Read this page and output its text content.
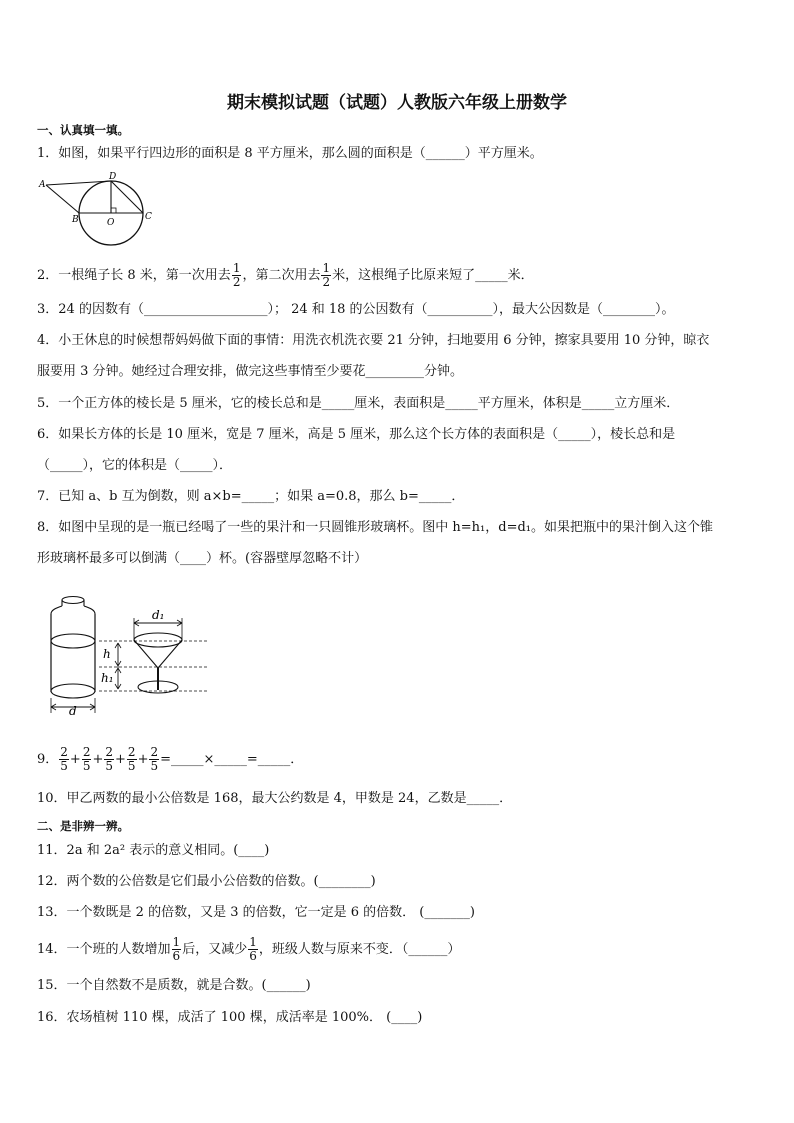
期末模拟试题（试题）人教版六年级上册数学
一、认真填一填。
1．如图，如果平行四边形的面积是 8 平方厘米，那么圆的面积是（______）平方厘米。
A
B	C
D
O
2．一根绳子长 8 米，第一次用去 $\frac{1}{2}$ ，第二次用去 $\frac{1}{2}$ 米，这根绳子比原来短了_____米．
3．24 的因数有（___________________）； 24 和 18 的公因数有（__________），最大公因数是（________）。
4．小王休息的时候想帮妈妈做下面的事情：用洗衣机洗衣要 21 分钟，扫地要用 6 分钟，擦家具要用 10 分钟，晾衣
服要用 3 分钟。她经过合理安排，做完这些事情至少要花_________分钟。
5．一个正方体的棱长是 5 厘米，它的棱长总和是_____厘米，表面积是_____平方厘米，体积是_____立方厘米．
6．如果长方体的长是 10 厘米，宽是 7 厘米，高是 5 厘米，那么这个长方体的表面积是（_____），棱长总和是
（_____），它的体积是（_____）．
7．已知 a、b 互为倒数，则 a×b=_____；如果 a=0.8，那么 b=_____．
8．如图中呈现的是一瓶已经喝了一些的果汁和一只圆锥形玻璃杯。图中 h=h₁，d=d₁。如果把瓶中的果汁倒入这个锥
形玻璃杯最多可以倒满（____）杯。(容器壁厚忽略不计）
d
d₁
h
h₁
9． $\frac{2}{5} + \frac{2}{5} + \frac{2}{5} + \frac{2}{5} + \frac{2}{5}$ =_____×_____=_____．
10．甲乙两数的最小公倍数是 168，最大公约数是 4，甲数是 24，乙数是_____．
二、是非辨一辨。
11．2a 和 2a² 表示的意义相同。(____)
12．两个数的公倍数是它们最小公倍数的倍数。(________)
13．一个数既是 2 的倍数，又是 3 的倍数，它一定是 6 的倍数． (_______)
14．一个班的人数增加 $\frac{1}{6}$ 后，又减少 $\frac{1}{6}$ ，班级人数与原来不变．（______）
15．一个自然数不是质数，就是合数。(______)
16．农场植树 110 棵，成活了 100 棵，成活率是 100%． (____)
